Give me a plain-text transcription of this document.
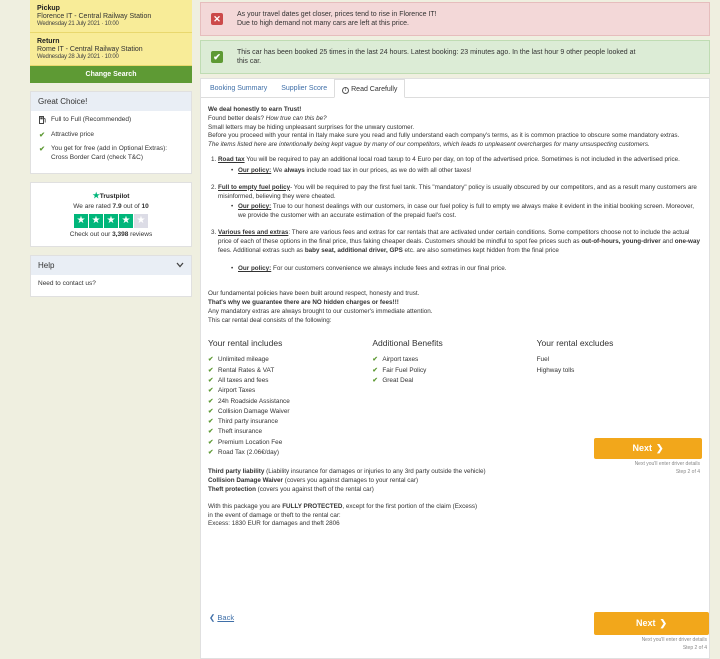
Pickup
Florence IT - Central Railway Station
Wednesday 21 July 2021 · 10:00
Return
Rome IT - Central Railway Station
Wednesday 28 July 2021 · 10:00
Change Search
Great Choice!
Full to Full (Recommended)
✔ Attractive price
✔ You get for free (add in Optional Extras): Cross Border Card (check T&C)
★Trustpilot
We are rated 7.9 out of 10
★ ★ ★ ★ ★
Check out our 3,398 reviews
Help
Need to contact us?
✕	As your travel dates get closer, prices tend to rise in Florence IT!
Due to high demand not many cars are left at this price.
✔	This car has been booked 25 times in the last 24 hours. Latest booking: 23 minutes ago. In the last hour 9 other people looked at
this car.
Booking Summary	Supplier Score	i Read Carefully

We deal honestly to earn Trust!

Found better deals? How true can this be?

Small letters may be hiding unpleasant surprises for the unwary customer.

Before you proceed with your rental in Italy make sure you read and fully understand each company's terms, as it is common practice to obscure some mandatory extras.

The items listed here are intentionally being kept vague by many of our competitors, which leads to unpleasent overcharges for many unsuspecting customers.

1. Road tax You will be required to pay an additional local road taxup to 4 Euro per day, on top of the advertised price. Sometimes is not included in the advertised price.
• Our policy: We always include road tax in our prices, as we do with all other taxes!
2. Full to empty fuel policy- You will be required to pay the first fuel tank. This "mandatory" policy is usually obscured by our competitors, and as a result many customers are misinformed, believing they were cheated.
• Our policy: True to our honest dealings with our customers, in case our fuel policy is full to empty we always make it evident in the initial booking screen. Moreover, we provide the customer with an accurate estimation of the prepaid fuel's cost.
3. Various fees and extras: There are various fees and extras for car rentals that are activated under certain conditions. Some competitors choose not to include the actual price of each of these options in the final price, thus faking cheaper deals. Customers should be mindful to spot fee prices such as out-of-hours, young-driver and one-way fees. Additional extras such as baby seat, additional driver, GPS etc. are also sometimes kept hidden from the final price
• Our policy: For our customers convenience we always include fees and extras in our final price.

Our fundamental policies have been built around respect, honesty and trust.

That's why we guarantee there are NO hidden charges or fees!!!

Any mandatory extras are always brought to our customer's immediate attention.

This car rental deal consists of the following:

Your rental includes
✔ Unlimited mileage
✔ Rental Rates & VAT
✔ All taxes and fees
✔ Airport Taxes
✔ 24h Roadside Assistance
✔ Collision Damage Waiver
✔ Third party insurance
✔ Theft insurance
✔ Premium Location Fee
✔ Road Tax (2.06€/day)
Additional Benefits
✔ Airport taxes
✔ Fair Fuel Policy
✔ Great Deal
Your rental excludes
Fuel
Highway tolls

Third party liability (Liability insurance for damages or injuries to any 3rd party outside the vehicle)

Collision Damage Waiver (covers you against damages to your rental car)

Theft protection (covers you against theft of the rental car)

With this package you are FULLY PROTECTED, except for the first portion of the claim (Excess)

in the event of damage or theft to the rental car:

Excess: 1830 EUR for damages and theft 2806

Next ❯
Next you'll enter driver details
Step 2 of 4
❮ Back
Next ❯
Next you'll enter driver details
Step 2 of 4
